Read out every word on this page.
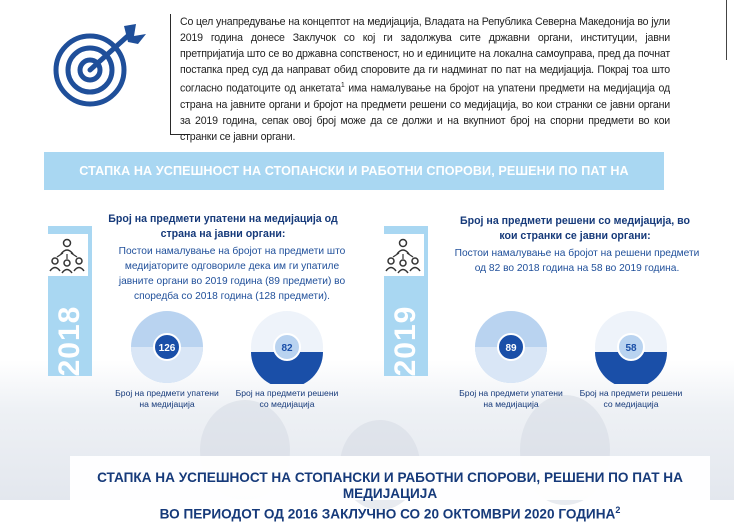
Со цел унапредување на концептот на медијација, Владата на Република Северна Македонија во јули 2019 година донесе Заклучок со кој ги задолжува сите државни органи, институции, јавни претпријатија што се во државна сопственост, но и единиците на локална самоуправа, пред да почнат постапка пред суд да направат обид споровите да ги надминат по пат на медијација. Покрај тоа што согласно податоците од анкетата$^1$ има намалување на бројот на упатени предмети на медијација од страна на јавните органи и бројот на предмети решени со медијација, во кои странки се јавни органи за 2019 година, сепак овој број може да се должи и на вкупниот број на спорни предмети во кои странки се јавни органи.
СТАПКА НА УСПЕШНОСТ НА СТОПАНСКИ И РАБОТНИ СПОРОВИ, РЕШЕНИ ПО ПАТ НА МЕДИЈАЦИЈА
2018
Број на предмети упатени на медијација од страна на јавни органи:
Постои намалување на бројот на предмети што медијаторите одговориле дека им ги упатиле јавните органи во 2019 година (89 предмети) во споредба со 2018 година (128 предмети).
126
Број на предмети упатени на медијација
82
Број на предмети решени со медијација
2019
Број на предмети решени со медијација, во кои странки се јавни органи:
Постои намалување на бројот на решени предмети од 82 во 2018 година на 58 во 2019 година.
89
Број на предмети упатени на медијација
58
Број на предмети решени со медијација
СТАПКА НА УСПЕШНОСТ НА СТОПАНСКИ И РАБОТНИ СПОРОВИ, РЕШЕНИ ПО ПАТ НА МЕДИЈАЦИЈА
ВО ПЕРИОДОТ ОД 2016 ЗАКЛУЧНО СО 20 ОКТОМВРИ 2020 ГОДИНА$^2$
